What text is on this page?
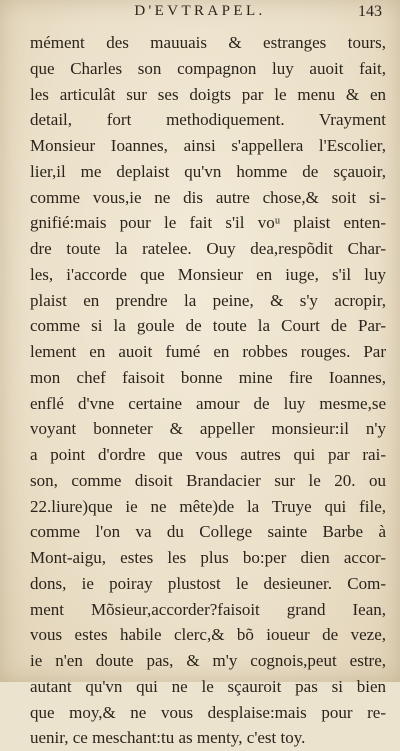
D'EVTRAPEL.	143
mément des mauuais & estranges tours,
que Charles son compagnon luy auoit fait,
les articulât sur ses doigts par le menu & en
detail, fort methodiquement. Vrayment
Monsieur Ioannes, ainsi s'appellera l'Escolier,
lier,il me deplaist qu'vn homme de sçauoir,
comme vous,ie ne dis autre chose,& soit si-
gnifié:mais pour le fait s'il voᵘ plaist enten-
dre toute la ratelee. Ouy dea,respõdit Char-
les, i'accorde que Monsieur en iuge, s'il luy
plaist en prendre la peine, & s'y acropir,
comme si la goule de toute la Court de Par-
lement en auoit fumé en robbes rouges. Par
mon chef faisoit bonne mine fire Ioannes,
enflé d'vne certaine amour de luy mesme,se
voyant bonneter & appeller monsieur:il n'y
a point d'ordre que vous autres qui par rai-
son, comme disoit Brandacier sur le 20. ou
22.liure)que ie ne mête)de la Truye qui file,
comme l'on va du College sainte Barbe à
Mont-aigu, estes les plus bo:per dien accor-
dons, ie poiray plustost le desieuner. Com-
ment Mõsieur,accorder?faisoit grand Iean,
vous estes habile clerc,& bõ ioueur de veze,
ie n'en doute pas, & m'y cognois,peut estre,
autant qu'vn qui ne le sçauroit pas si bien
que moy,& ne vous desplaise:mais pour re-
uenir, ce meschant:tu as menty, c'est toy.
